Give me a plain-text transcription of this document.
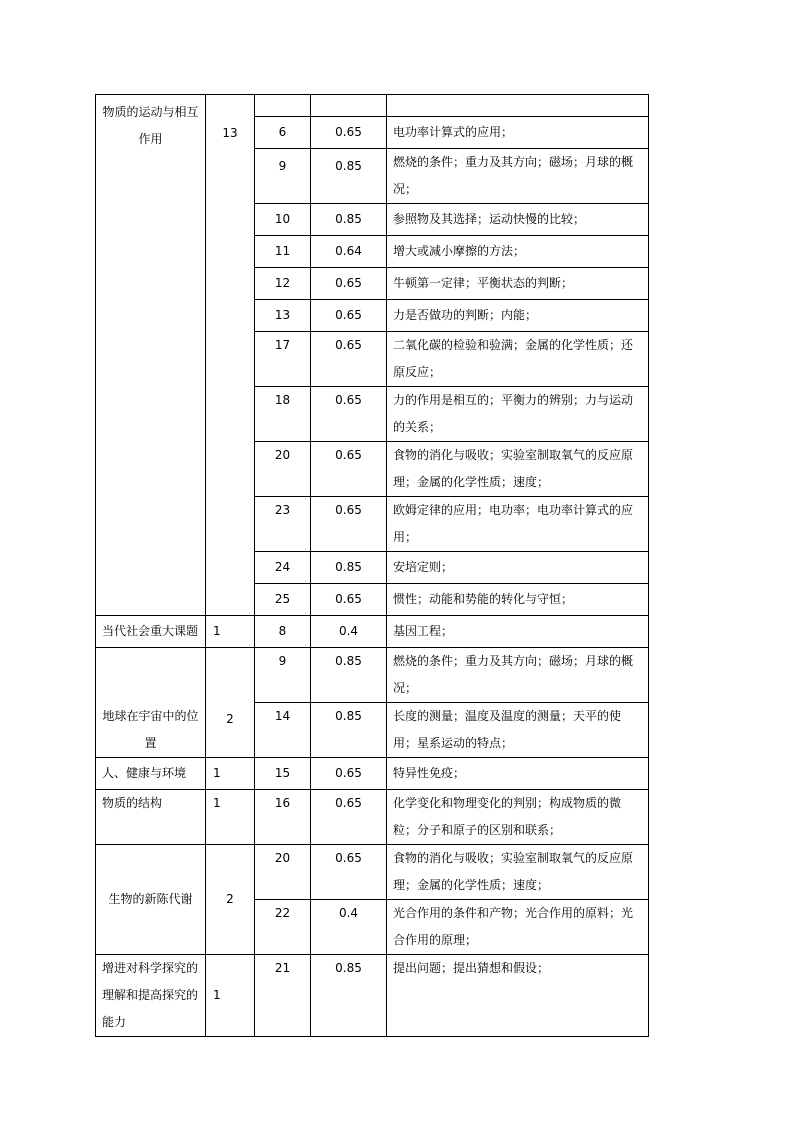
物质的运动与相互作用	13			
		6	0.65	电功率计算式的应用；
		9	0.85	燃烧的条件；重力及其方向；磁场；月球的概况；
		10	0.85	参照物及其选择；运动快慢的比较；
		11	0.64	增大或减小摩擦的方法；
		12	0.65	牛顿第一定律；平衡状态的判断；
		13	0.65	力是否做功的判断；内能；
		17	0.65	二氧化碳的检验和验满；金属的化学性质；还原反应；
		18	0.65	力的作用是相互的；平衡力的辨别；力与运动的关系；
		20	0.65	食物的消化与吸收；实验室制取氧气的反应原理；金属的化学性质；速度；
		23	0.65	欧姆定律的应用；电功率；电功率计算式的应用；
		24	0.85	安培定则；
		25	0.65	惯性；动能和势能的转化与守恒；
当代社会重大课题	1	8	0.4	基因工程；
地球在宇宙中的位置	2	9	0.85	燃烧的条件；重力及其方向；磁场；月球的概况；
		14	0.85	长度的测量；温度及温度的测量；天平的使用；星系运动的特点；
人、健康与环境	1	15	0.65	特异性免疫；
物质的结构	1	16	0.65	化学变化和物理变化的判别；构成物质的微粒；分子和原子的区别和联系；
生物的新陈代谢	2	20	0.65	食物的消化与吸收；实验室制取氧气的反应原理；金属的化学性质；速度；
		22	0.4	光合作用的条件和产物；光合作用的原料；光合作用的原理；
增进对科学探究的理解和提高探究的能力	1	21	0.85	提出问题；提出猜想和假设；
